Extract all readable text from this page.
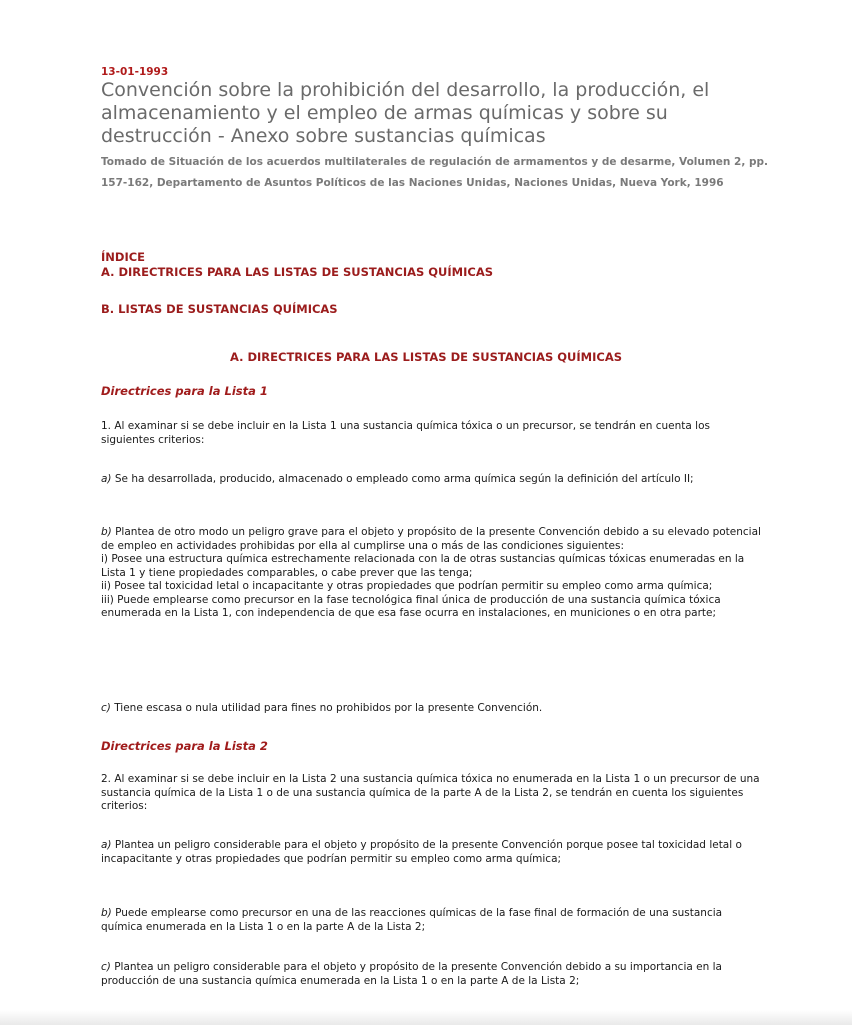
13-01-1993
Convención sobre la prohibición del desarrollo, la producción, el almacenamiento y el empleo de armas químicas y sobre su destrucción - Anexo sobre sustancias químicas
Tomado de Situación de los acuerdos multilaterales de regulación de armamentos y de desarme, Volumen 2, pp. 157-162, Departamento de Asuntos Políticos de las Naciones Unidas, Naciones Unidas, Nueva York, 1996
ÍNDICE
A. DIRECTRICES PARA LAS LISTAS DE SUSTANCIAS QUÍMICAS
B. LISTAS DE SUSTANCIAS QUÍMICAS
A. DIRECTRICES PARA LAS LISTAS DE SUSTANCIAS QUÍMICAS
Directrices para la Lista 1
1. Al examinar si se debe incluir en la Lista 1 una sustancia química tóxica o un precursor, se tendrán en cuenta los siguientes criterios:
a) Se ha desarrollada, producido, almacenado o empleado como arma química según la definición del artículo II;
b) Plantea de otro modo un peligro grave para el objeto y propósito de la presente Convención debido a su elevado potencial de empleo en actividades prohibidas por ella al cumplirse una o más de las condiciones siguientes:
i) Posee una estructura química estrechamente relacionada con la de otras sustancias químicas tóxicas enumeradas en la Lista 1 y tiene propiedades comparables, o cabe prever que las tenga;
ii) Posee tal toxicidad letal o incapacitante y otras propiedades que podrían permitir su empleo como arma química;
iii) Puede emplearse como precursor en la fase tecnológica final única de producción de una sustancia química tóxica enumerada en la Lista 1, con independencia de que esa fase ocurra en instalaciones, en municiones o en otra parte;
c) Tiene escasa o nula utilidad para fines no prohibidos por la presente Convención.
Directrices para la Lista 2
2. Al examinar si se debe incluir en la Lista 2 una sustancia química tóxica no enumerada en la Lista 1 o un precursor de una sustancia química de la Lista 1 o de una sustancia química de la parte A de la Lista 2, se tendrán en cuenta los siguientes criterios:
a) Plantea un peligro considerable para el objeto y propósito de la presente Convención porque posee tal toxicidad letal o incapacitante y otras propiedades que podrían permitir su empleo como arma química;
b) Puede emplearse como precursor en una de las reacciones químicas de la fase final de formación de una sustancia química enumerada en la Lista 1 o en la parte A de la Lista 2;
c) Plantea un peligro considerable para el objeto y propósito de la presente Convención debido a su importancia en la producción de una sustancia química enumerada en la Lista 1 o en la parte A de la Lista 2;
